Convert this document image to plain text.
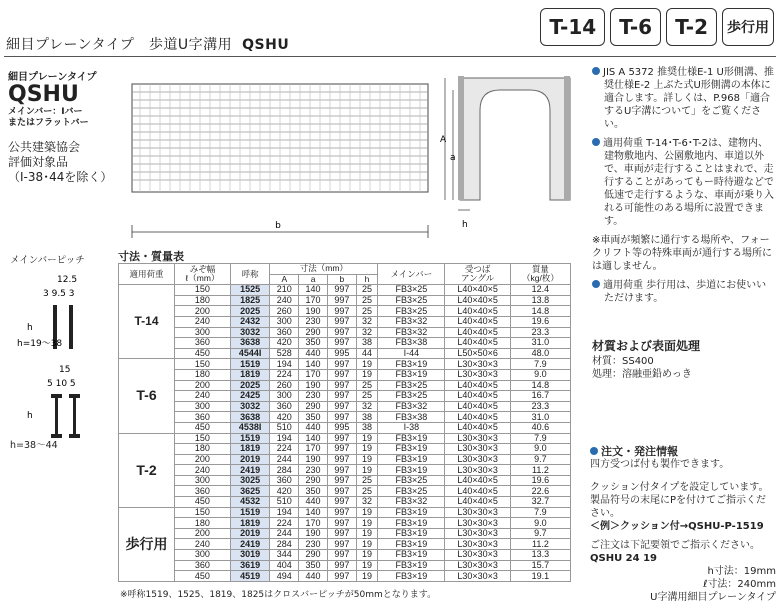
細目プレーンタイプ　歩道U字溝用 QSHU
T-14	T-6	T-2	歩行用
細目プレーンタイプ
QSHU
メインバー：Iバー
またはフラットバー
公共建築協会
評価対象品
（I-38･44を除く）
b
A
a
h
メインバーピッチ
12.5
3 9.5 3
h
h=19～38
15
5 10 5
h
h=38～44
寸法・質量表
適用荷重	みぞ幅
ℓ（mm）	呼称	寸法（mm）				メインバー	受つば
アングル	質量
（kg/枚）
			A	a	b	h			
T-14	150	1525	210	140	997	25	FB3×25	L40×40×5	12.4
	180	1825	240	170	997	25	FB3×25	L40×40×5	13.8
	200	2025	260	190	997	25	FB3×25	L40×40×5	14.8
	240	2432	300	230	997	32	FB3×32	L40×40×5	19.6
	300	3032	360	290	997	32	FB3×32	L40×40×5	23.3
	360	3638	420	350	997	38	FB3×38	L40×40×5	31.0
	450	4544I	528	440	995	44	I-44	L50×50×6	48.0
T-6	150	1519	194	140	997	19	FB3×19	L30×30×3	7.9
	180	1819	224	170	997	19	FB3×19	L30×30×3	9.0
	200	2025	260	190	997	25	FB3×25	L40×40×5	14.8
	240	2425	300	230	997	25	FB3×25	L40×40×5	16.7
	300	3032	360	290	997	32	FB3×32	L40×40×5	23.3
	360	3638	420	350	997	38	FB3×38	L40×40×5	31.0
	450	4538I	510	440	995	38	I-38	L40×40×5	40.6
T-2	150	1519	194	140	997	19	FB3×19	L30×30×3	7.9
	180	1819	224	170	997	19	FB3×19	L30×30×3	9.0
	200	2019	244	190	997	19	FB3×19	L30×30×3	9.7
	240	2419	284	230	997	19	FB3×19	L30×30×3	11.2
	300	3025	360	290	997	25	FB3×25	L40×40×5	19.6
	360	3625	420	350	997	25	FB3×25	L40×40×5	22.6
	450	4532	510	440	997	32	FB3×32	L40×40×5	32.7
歩行用	150	1519	194	140	997	19	FB3×19	L30×30×3	7.9
	180	1819	224	170	997	19	FB3×19	L30×30×3	9.0
	200	2019	244	190	997	19	FB3×19	L30×30×3	9.7
	240	2419	284	230	997	19	FB3×19	L30×30×3	11.2
	300	3019	344	290	997	19	FB3×19	L30×30×3	13.3
	360	3619	404	350	997	19	FB3×19	L30×30×3	15.7
	450	4519	494	440	997	19	FB3×19	L30×30×3	19.1
※呼称1519、1525、1819、1825はクロスバーピッチが50mmとなります。

JIS A 5372 推奨仕様E-1 U形側溝、推奨仕様E-2 上ぶた式U形側溝の本体に適合します。詳しくは、P.968「適合するU字溝について」をご覧ください。

適用荷重 T-14･T-6･T-2は、建物内、建物敷地内、公園敷地内、車道以外で、車両が走行することはまれで、走行することがあってもー時待避などで低速で走行するような、車両が乗り入れる可能性のある場所に設置できます。

※車両が頻繁に通行する場所や、フォークリフト等の特殊車両が通行する場所には適しません。

適用荷重 歩行用は、歩道にお使いいただけます。

材質および表面処理
材質：SS400
処理：溶融亜鉛めっき
注文・発注情報
四方受つば付も製作できます。
クッション付タイプを設定しています。製品符号の末尾にPを付けてご指示ください。
＜例＞クッション付→QSHU-P-1519
ご注文は下記要領でご指示ください。
QSHU 24 19
h寸法：19mm
ℓ寸法：240mm
U字溝用細目プレーンタイプ
